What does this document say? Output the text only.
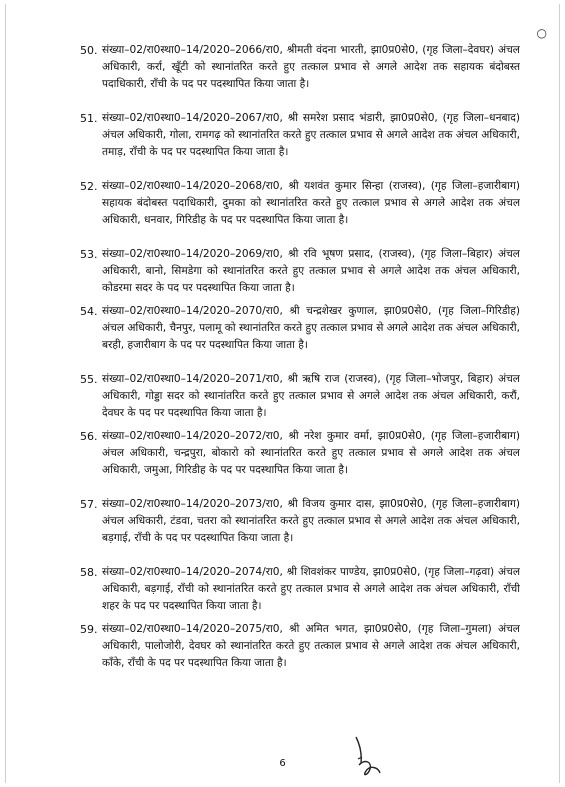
○
50. संख्या–02/रा0स्था0–14/2020–2066/रा0, श्रीमती वंदना भारती, झा0प्र0से0, (गृह जिला–देवघर) अंचल अधिकारी, कर्रा, खूँटी को स्थानांतरित करते हुए तत्काल प्रभाव से अगले आदेश तक सहायक बंदोबस्त पदाधिकारी, राँची के पद पर पदस्थापित किया जाता है।

51. संख्या–02/रा0स्था0–14/2020–2067/रा0, श्री समरेश प्रसाद भंडारी, झा0प्र0से0, (गृह जिला–धनबाद) अंचल अधिकारी, गोला, रामगढ़ को स्थानांतरित करते हुए तत्काल प्रभाव से अगले आदेश तक अंचल अधिकारी, तमाड़, राँची के पद पर पदस्थापित किया जाता है।

52. संख्या–02/रा0स्था0–14/2020–2068/रा0, श्री यशवंत कुमार सिन्हा (राजस्व), (गृह जिला–हजारीबाग) सहायक बंदोबस्त पदाधिकारी, दुमका को स्थानांतरित करते हुए तत्काल प्रभाव से अगले आदेश तक अंचल अधिकारी, धनवार, गिरिडीह के पद पर पदस्थापित किया जाता है।

53. संख्या–02/रा0स्था0–14/2020–2069/रा0, श्री रवि भूषण प्रसाद, (राजस्व), (गृह जिला–बिहार) अंचल अधिकारी, बानो, सिमडेगा को स्थानांतरित करते हुए तत्काल प्रभाव से अगले आदेश तक अंचल अधिकारी, कोडरमा सदर के पद पर पदस्थापित किया जाता है।

54. संख्या–02/रा0स्था0–14/2020–2070/रा0, श्री चन्द्रशेखर कुणाल, झा0प्र0से0, (गृह जिला–गिरिडीह) अंचल अधिकारी, चैनपुर, पलामू को स्थानांतरित करते हुए तत्काल प्रभाव से अगले आदेश तक अंचल अधिकारी, बरही, हजारीबाग के पद पर पदस्थापित किया जाता है।

55. संख्या–02/रा0स्था0–14/2020–2071/रा0, श्री ऋषि राज (राजस्व), (गृह जिला–भोजपुर, बिहार) अंचल अधिकारी, गोड्डा सदर को स्थानांतरित करते हुए तत्काल प्रभाव से अगले आदेश तक अंचल अधिकारी, करौं, देवघर के पद पर पदस्थापित किया जाता है।

56. संख्या–02/रा0स्था0–14/2020–2072/रा0, श्री नरेश कुमार वर्मा, झा0प्र0से0, (गृह जिला–हजारीबाग) अंचल अधिकारी, चन्द्रपुरा, बोकारो को स्थानांतरित करते हुए तत्काल प्रभाव से अगले आदेश तक अंचल अधिकारी, जमुआ, गिरिडीह के पद पर पदस्थापित किया जाता है।

57. संख्या–02/रा0स्था0–14/2020–2073/रा0, श्री विजय कुमार दास, झा0प्र0से0, (गृह जिला–हजारीबाग) अंचल अधिकारी, टंडवा, चतरा को स्थानांतरित करते हुए तत्काल प्रभाव से अगले आदेश तक अंचल अधिकारी, बड़गाई, राँची के पद पर पदस्थापित किया जाता है।

58. संख्या–02/रा0स्था0–14/2020–2074/रा0, श्री शिवशंकर पाण्डेय, झा0प्र0से0, (गृह जिला–गढ़वा) अंचल अधिकारी, बड़गाई, राँची को स्थानांतरित करते हुए तत्काल प्रभाव से अगले आदेश तक अंचल अधिकारी, राँची शहर के पद पर पदस्थापित किया जाता है।

59. संख्या–02/रा0स्था0–14/2020–2075/रा0, श्री अमित भगत, झा0प्र0से0, (गृह जिला–गुमला) अंचल अधिकारी, पालोजोरी, देवघर को स्थानांतरित करते हुए तत्काल प्रभाव से अगले आदेश तक अंचल अधिकारी, काँके, राँची के पद पर पदस्थापित किया जाता है।

6
